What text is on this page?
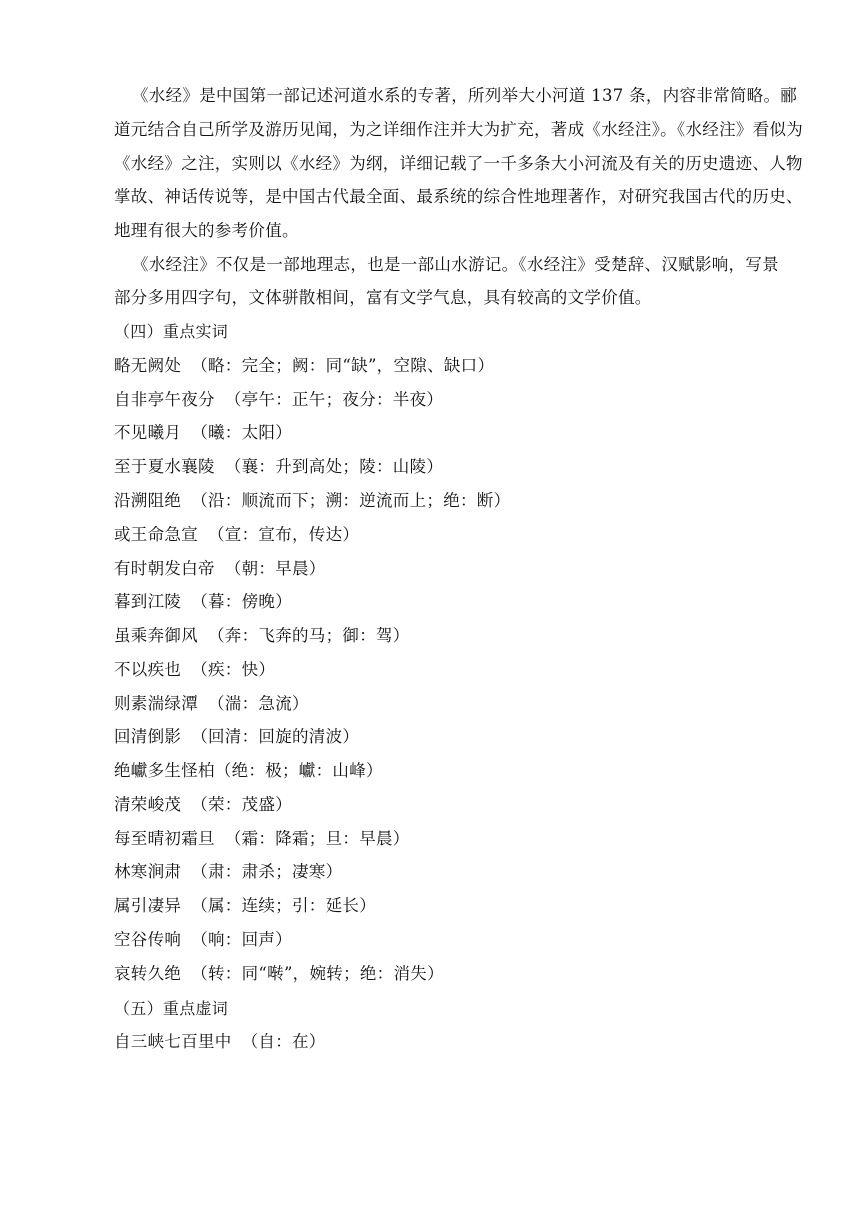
《水经》是中国第一部记述河道水系的专著，所列举大小河道 137 条，内容非常简略。郦
道元结合自己所学及游历见闻，为之详细作注并大为扩充，著成《水经注》。《水经注》看似为
《水经》之注，实则以《水经》为纲，详细记载了一千多条大小河流及有关的历史遗迹、人物
掌故、神话传说等，是中国古代最全面、最系统的综合性地理著作，对研究我国古代的历史、
地理有很大的参考价值。
《水经注》不仅是一部地理志，也是一部山水游记。《水经注》受楚辞、汉赋影响，写景
部分多用四字句，文体骈散相间，富有文学气息，具有较高的文学价值。
（四）重点实词
略无阙处 （略：完全；阙：同“缺”，空隙、缺口）
自非亭午夜分 （亭午：正午；夜分：半夜）
不见曦月 （曦：太阳）
至于夏水襄陵 （襄：升到高处；陵：山陵）
沿溯阻绝 （沿：顺流而下；溯：逆流而上；绝：断）
或王命急宣 （宣：宣布，传达）
有时朝发白帝 （朝：早晨）
暮到江陵 （暮：傍晚）
虽乘奔御风 （奔：飞奔的马；御：驾）
不以疾也 （疾：快）
则素湍绿潭 （湍：急流）
回清倒影 （回清：回旋的清波）
绝巘多生怪柏（绝：极；巘：山峰）
清荣峻茂 （荣：茂盛）
每至晴初霜旦 （霜：降霜；旦：早晨）
林寒涧肃 （肃：肃杀；凄寒）
属引凄异 （属：连续；引：延长）
空谷传响 （响：回声）
哀转久绝 （转：同“啭”，婉转；绝：消失）
（五）重点虚词
自三峡七百里中 （自：在）
